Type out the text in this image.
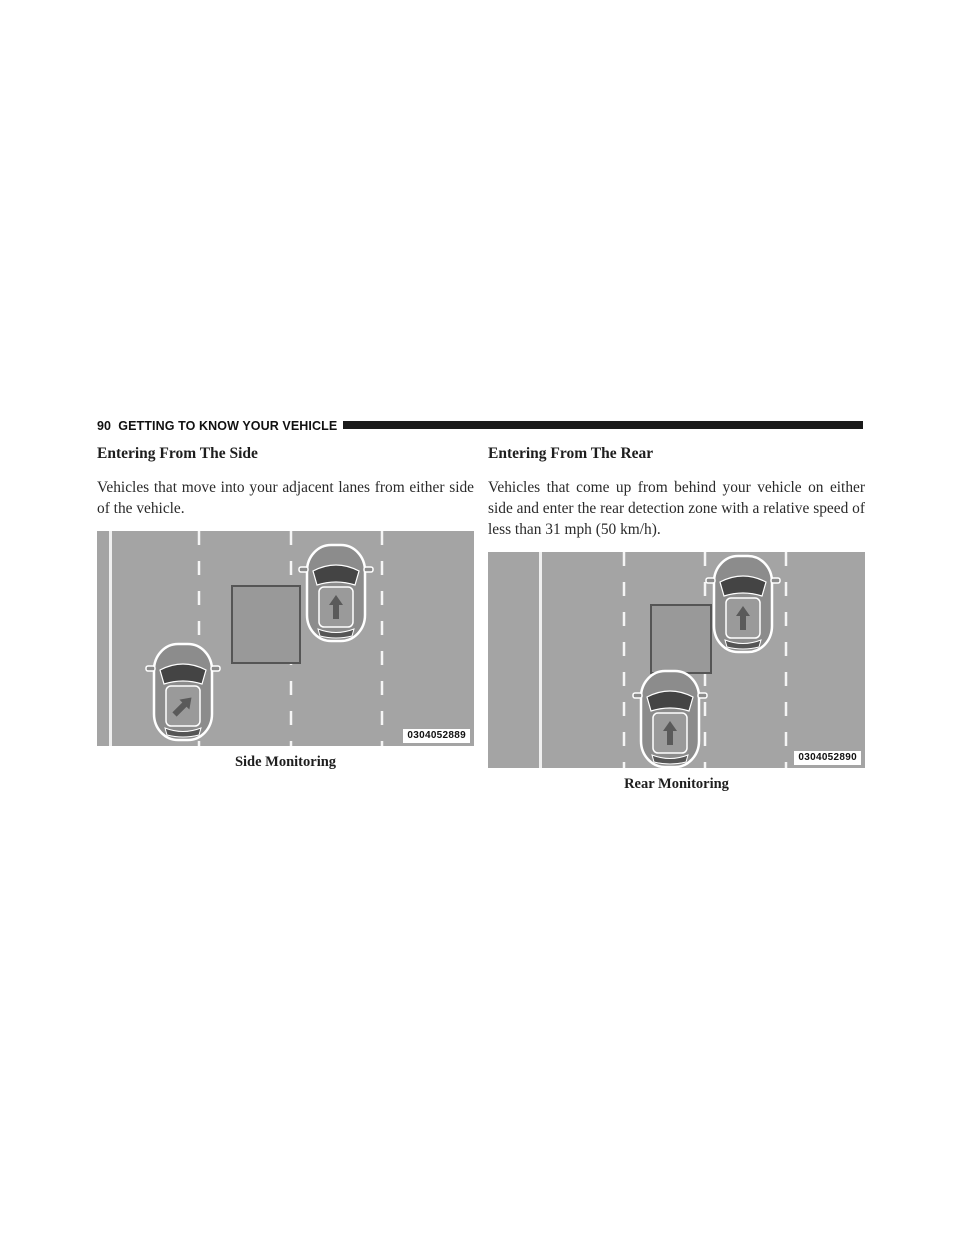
90 GETTING TO KNOW YOUR VEHICLE
Entering From The Side

Vehicles that move into your adjacent lanes from either side of the vehicle.

0304052889
Side Monitoring
Entering From The Rear

Vehicles that come up from behind your vehicle on either side and enter the rear detection zone with a relative speed of less than 31 mph (50 km/h).

0304052890
Rear Monitoring
